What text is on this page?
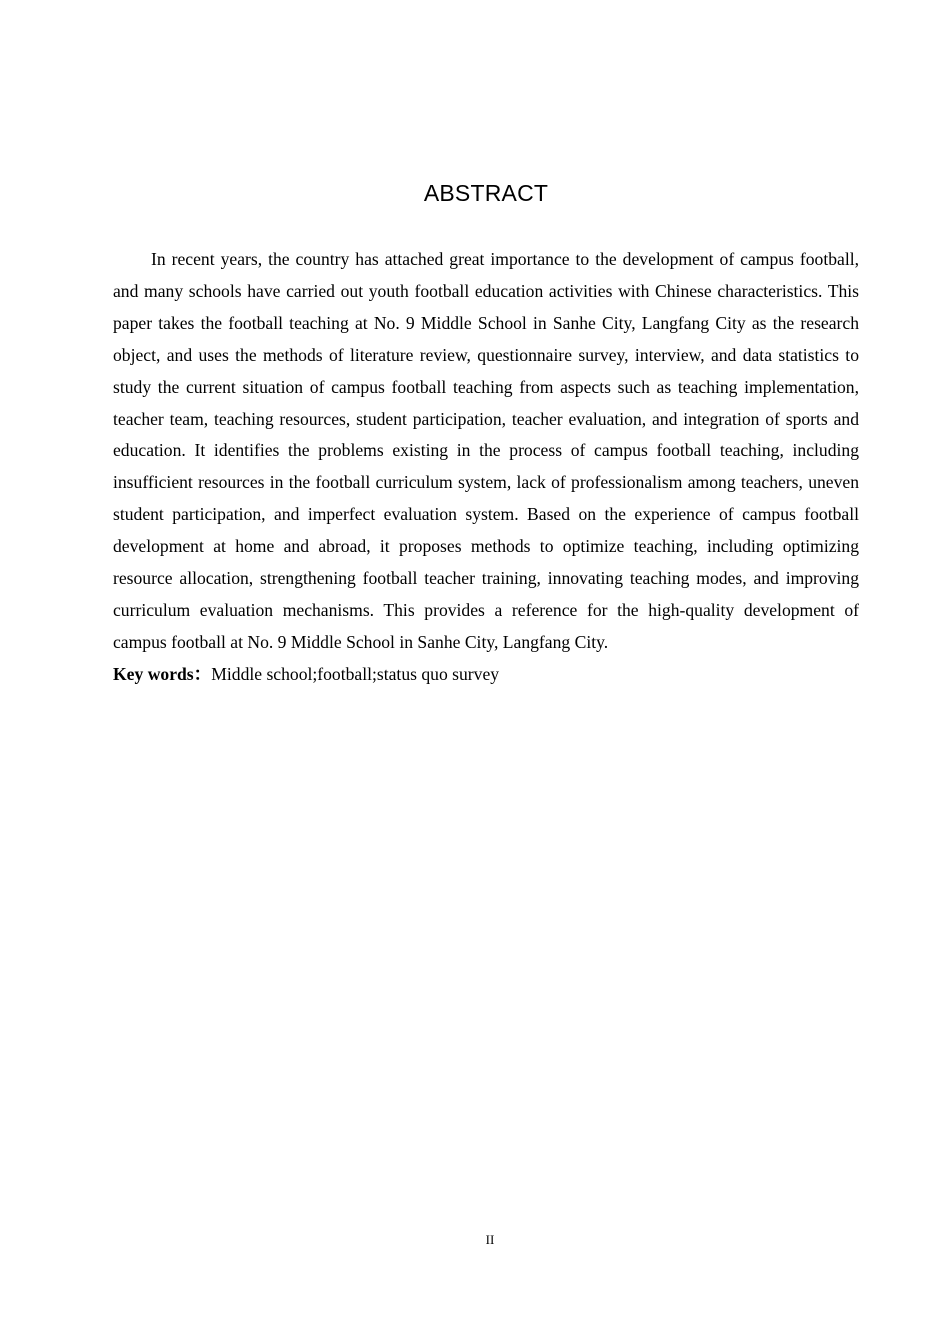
ABSTRACT

In recent years, the country has attached great importance to the development of campus football, and many schools have carried out youth football education activities with Chinese characteristics. This paper takes the football teaching at No. 9 Middle School in Sanhe City, Langfang City as the research object, and uses the methods of literature review, questionnaire survey, interview, and data statistics to study the current situation of campus football teaching from aspects such as teaching implementation, teacher team, teaching resources, student participation, teacher evaluation, and integration of sports and education. It identifies the problems existing in the process of campus football teaching, including insufficient resources in the football curriculum system, lack of professionalism among teachers, uneven student participation, and imperfect evaluation system. Based on the experience of campus football development at home and abroad, it proposes methods to optimize teaching, including optimizing resource allocation, strengthening football teacher training, innovating teaching modes, and improving curriculum evaluation mechanisms. This provides a reference for the high-quality development of campus football at No. 9 Middle School in Sanhe City, Langfang City.

Key words：Middle school;football;status quo survey

II
